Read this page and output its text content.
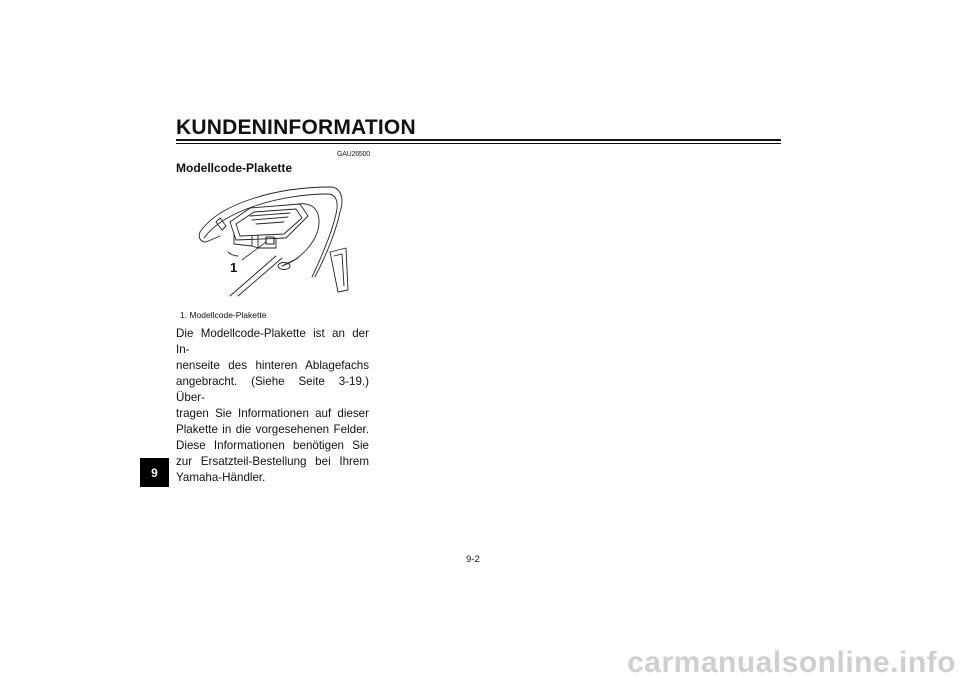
KUNDENINFORMATION
GAU26500
Modellcode-Plakette
1
1. Modellcode-Plakette
Die Modellcode-Plakette ist an der In-
nenseite des hinteren Ablagefachs
angebracht. (Siehe Seite 3-19.) Über-
tragen Sie Informationen auf dieser
Plakette in die vorgesehenen Felder.
Diese Informationen benötigen Sie
zur Ersatzteil-Bestellung bei Ihrem
Yamaha-Händler.
9
9-2
carmanualsonline.info
